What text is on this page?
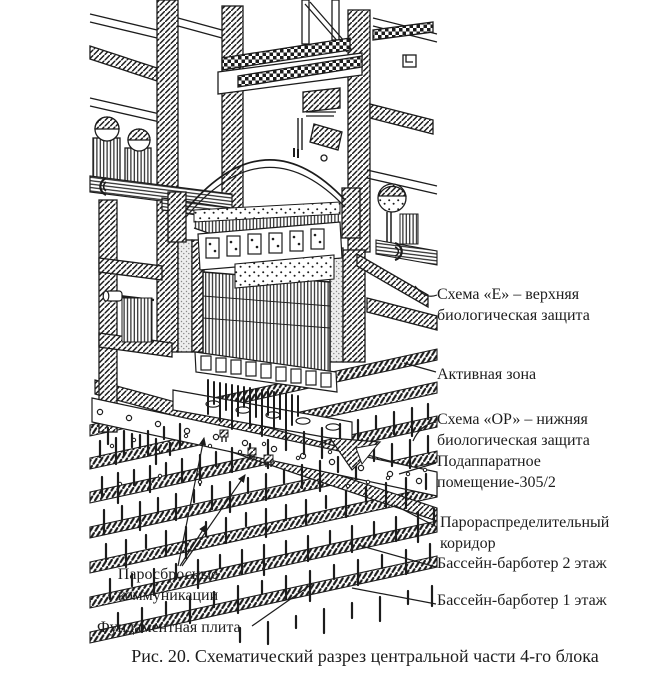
Схема «Е» – верхняя биологическая защита
Активная зона
Схема «ОР» – нижняя биологическая защита
Подаппаратное помещение-305/2
Парораспределительный коридор
Бассейн-барботер 2 этаж
Бассейн-барботер 1 этаж
Паросбросные коммуникации
Фундаментная плита
Рис. 20. Схематический разрез центральной части 4-го блока
